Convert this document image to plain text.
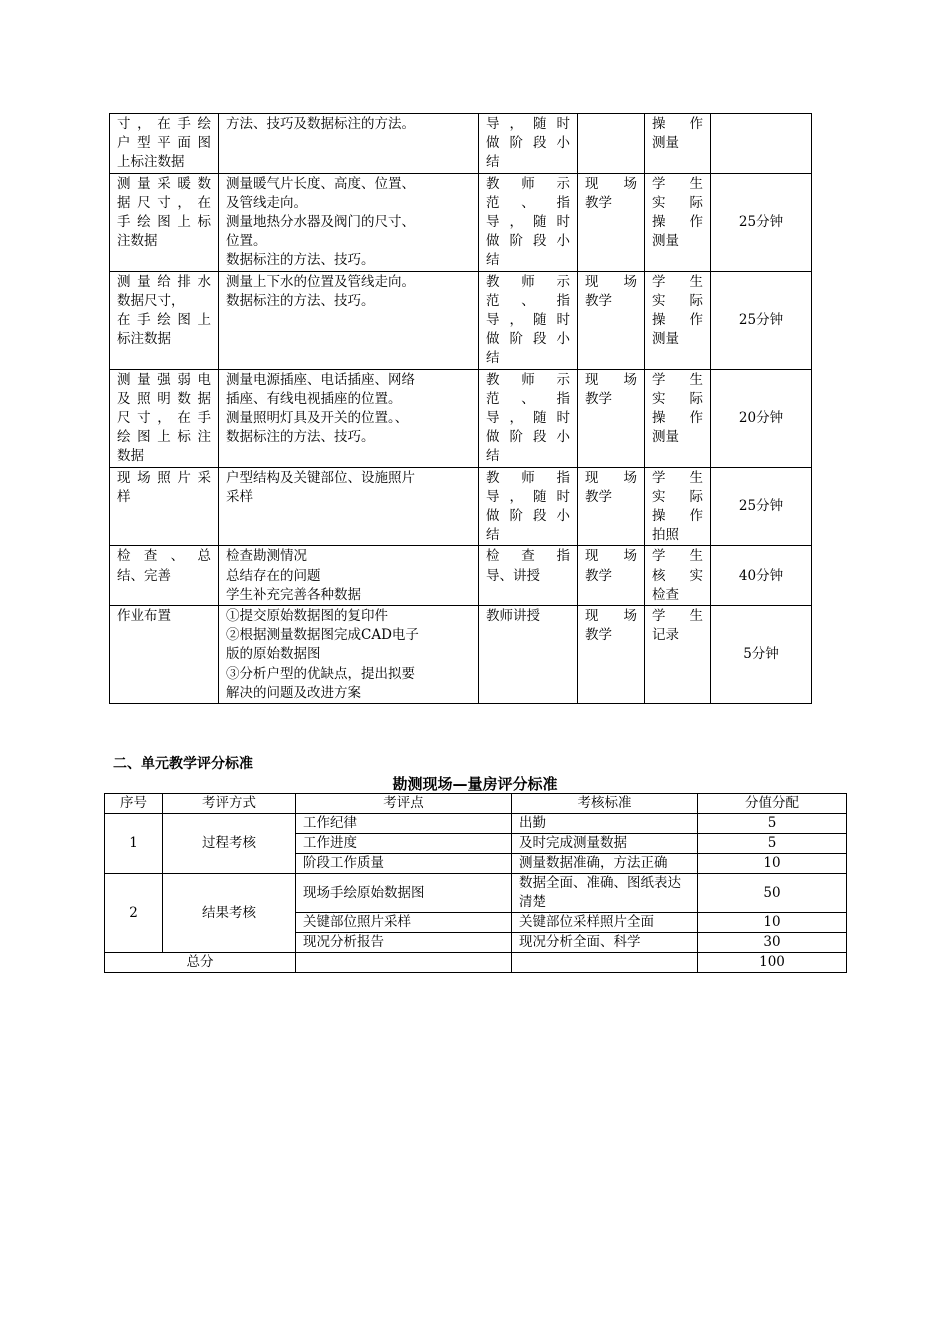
寸，在手绘
户型平面图
上标注数据	方法、技巧及数据标注的方法。	导，随时
做阶段小
结		操作
测量	

测量采暖数
据尺寸，在
手绘图上标
注数据	测量暖气片长度、高度、位置、
及管线走向。
测量地热分水器及阀门的尺寸、
位置。
数据标注的方法、技巧。	教师示
范、指
导，随时
做阶段小
结	现场
教学	学生
实际
操作
测量	25分钟

测量给排水
数据尺寸，
在手绘图上
标注数据	测量上下水的位置及管线走向。
数据标注的方法、技巧。	教师示
范、指
导，随时
做阶段小
结	现场
教学	学生
实际
操作
测量	25分钟

测量强弱电
及照明数据
尺寸，在手
绘图上标注
数据	测量电源插座、电话插座、网络
插座、有线电视插座的位置。
测量照明灯具及开关的位置。、
数据标注的方法、技巧。	教师示
范、指
导，随时
做阶段小
结	现场
教学	学生
实际
操作
测量	20分钟

现场照片采
样	户型结构及关键部位、设施照片
采样	教师指
导，随时
做阶段小
结	现场
教学	学生
实际
操作
拍照	25分钟

检查、总
结、完善	检查勘测情况
总结存在的问题
学生补充完善各种数据	检查指
导、讲授	现场
教学	学生
核实
检查	40分钟

作业布置	①提交原始数据图的复印件
②根据测量数据图完成CAD电子
版的原始数据图
③分析户型的优缺点，提出拟要
解决的问题及改进方案	教师讲授	现场
教学	学生
记录	5分钟
二、单元教学评分标准
勘测现场—量房评分标准
序号	考评方式	考评点	考核标准	分值分配
1	过程考核	工作纪律	出勤	5
		工作进度	及时完成测量数据	5
		阶段工作质量	测量数据准确，方法正确	10
2	结果考核	现场手绘原始数据图	数据全面、准确、图纸表达清楚	50
		关键部位照片采样	关键部位采样照片全面	10
		现况分析报告	现况分析全面、科学	30
总分				100
